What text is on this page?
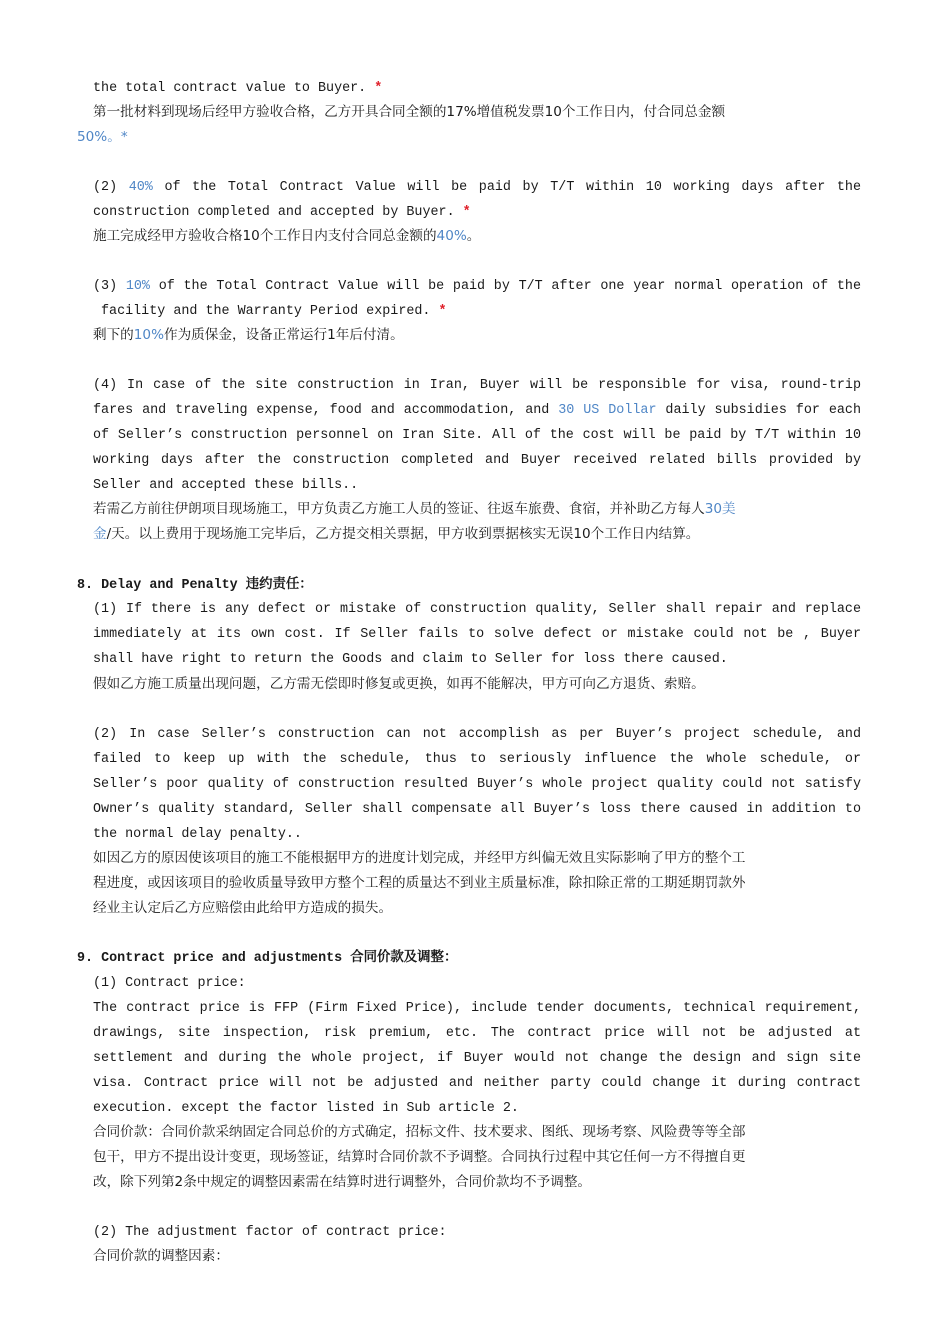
the total contract value to Buyer. *
第一批材料到现场后经甲方验收合格，乙方开具合同全额的17%增值税发票10个工作日内，付合同总金额
50%。*
(2) 40% of the Total Contract Value will be paid by T/T within 10 working days after the
construction completed and accepted by Buyer. *
施工完成经甲方验收合格10个工作日内支付合同总金额的40%。
(3) 10% of the Total Contract Value will be paid by T/T after one year normal operation of the
facility and the Warranty Period expired. *
剩下的10%作为质保金，设备正常运行1年后付清。
(4) In case of the site construction in Iran, Buyer will be responsible for visa, round-trip
fares and traveling expense, food and accommodation, and 30 US Dollar daily subsidies for each
of Seller’s construction personnel on Iran Site. All of the cost will be paid by T/T within 10
working days after the construction completed and Buyer received related bills provided by
Seller and accepted these bills..
若需乙方前往伊朗项目现场施工，甲方负责乙方施工人员的签证、往返车旅费、食宿，并补助乙方每人30美
金/天。以上费用于现场施工完毕后，乙方提交相关票据，甲方收到票据核实无误10个工作日内结算。
8. Delay and Penalty 违约责任：
(1) If there is any defect or mistake of construction quality, Seller shall repair and replace
immediately at its own cost. If Seller fails to solve defect or mistake could not be , Buyer
shall have right to return the Goods and claim to Seller for loss there caused.
假如乙方施工质量出现问题，乙方需无偿即时修复或更换，如再不能解决，甲方可向乙方退货、索赔。
(2) In case Seller’s construction can not accomplish as per Buyer’s project schedule, and
failed to keep up with the schedule, thus to seriously influence the whole schedule, or
Seller’s poor quality of construction resulted Buyer’s whole project quality could not satisfy
Owner’s quality standard, Seller shall compensate all Buyer’s loss there caused in addition to
the normal delay penalty..
如因乙方的原因使该项目的施工不能根据甲方的进度计划完成，并经甲方纠偏无效且实际影响了甲方的整个工
程进度，或因该项目的验收质量导致甲方整个工程的质量达不到业主质量标准，除扣除正常的工期延期罚款外
经业主认定后乙方应赔偿由此给甲方造成的损失。
9. Contract price and adjustments 合同价款及调整：
(1) Contract price:
The contract price is FFP (Firm Fixed Price), include tender documents, technical requirement,
drawings, site inspection, risk premium, etc. The contract price will not be adjusted at
settlement and during the whole project, if Buyer would not change the design and sign site
visa. Contract price will not be adjusted and neither party could change it during contract
execution. except the factor listed in Sub article 2.
合同价款：合同价款采纳固定合同总价的方式确定，招标文件、技术要求、图纸、现场考察、风险费等等全部
包干，甲方不提出设计变更，现场签证，结算时合同价款不予调整。合同执行过程中其它任何一方不得擅自更
改，除下列第2条中规定的调整因素需在结算时进行调整外，合同价款均不予调整。
(2) The adjustment factor of contract price:
合同价款的调整因素：
